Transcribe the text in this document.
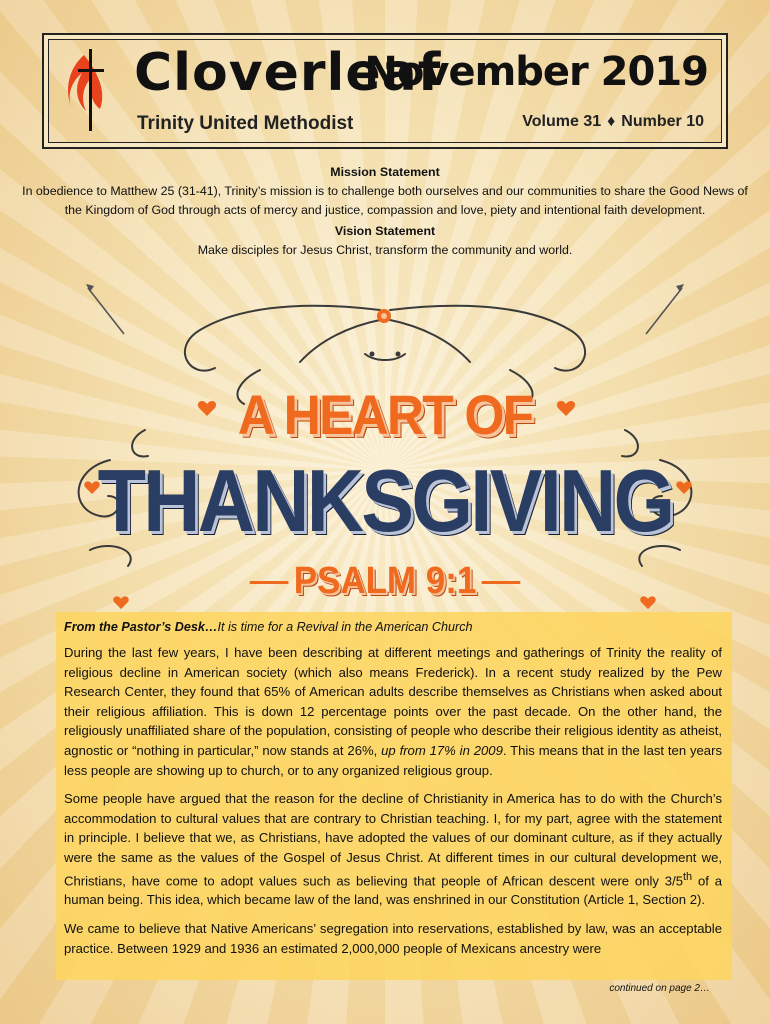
Cloverleaf
Trinity United Methodist
November 2019
Volume 31 ♦ Number 10
Mission Statement
In obedience to Matthew 25 (31-41), Trinity’s mission is to challenge both ourselves and our communities to share the Good News of the Kingdom of God through acts of mercy and justice, compassion and love, piety and intentional faith development.
Vision Statement
Make disciples for Jesus Christ, transform the community and world.
A HEART OF
THANKSGIVING
PSALM 9:1
From the Pastor’s Desk…It is time for a Revival in the American Church

During the last few years, I have been describing at different meetings and gatherings of Trinity the reality of religious decline in American society (which also means Frederick). In a recent study realized by the Pew Research Center, they found that 65% of American adults describe themselves as Christians when asked about their religious affiliation. This is down 12 percentage points over the past decade. On the other hand, the religiously unaffiliated share of the population, consisting of people who describe their religious identity as atheist, agnostic or “nothing in particular,” now stands at 26%, up from 17% in 2009. This means that in the last ten years less people are showing up to church, or to any organized religious group.

Some people have argued that the reason for the decline of Christianity in America has to do with the Church’s accommodation to cultural values that are contrary to Christian teaching. I, for my part, agree with the statement in principle. I believe that we, as Christians, have adopted the values of our dominant culture, as if they actually were the same as the values of the Gospel of Jesus Christ. At different times in our cultural development we, Christians, have come to adopt values such as believing that people of African descent were only 3/5th of a human being. This idea, which became law of the land, was enshrined in our Constitution (Article 1, Section 2).

We came to believe that Native Americans’ segregation into reservations, established by law, was an acceptable practice. Between 1929 and 1936 an estimated 2,000,000 people of Mexicans ancestry were

continued on page 2…
